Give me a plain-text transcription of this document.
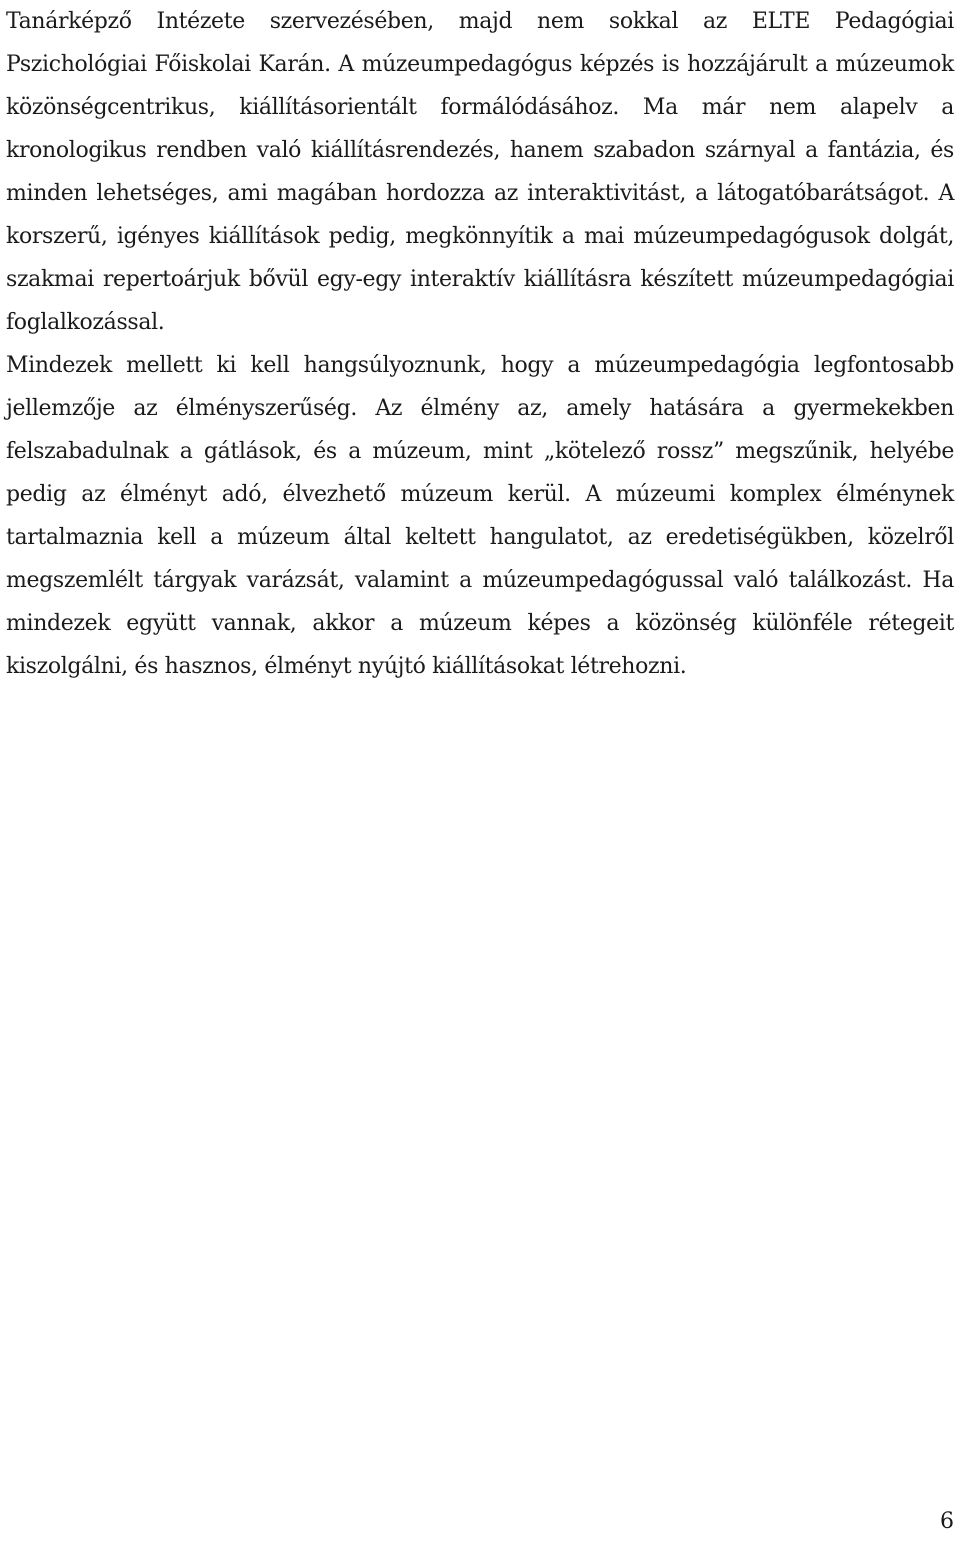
Tanárképző Intézete szervezésében, majd nem sokkal az ELTE Pedagógiai Pszichológiai Főiskolai Karán. A múzeumpedagógus képzés is hozzájárult a múzeumok közönségcentrikus, kiállításorientált formálódásához. Ma már nem alapelv a kronologikus rendben való kiállításrendezés, hanem szabadon szárnyal a fantázia, és minden lehetséges, ami magában hordozza az interaktivitást, a látogatóbarátságot. A korszerű, igényes kiállítások pedig, megkönnyítik a mai múzeumpedagógusok dolgát, szakmai repertoárjuk bővül egy-egy interaktív kiállításra készített múzeumpedagógiai foglalkozással.

Mindezek mellett ki kell hangsúlyoznunk, hogy a múzeumpedagógia legfontosabb jellemzője az élményszerűség. Az élmény az, amely hatására a gyermekekben felszabadulnak a gátlások, és a múzeum, mint „kötelező rossz” megszűnik, helyébe pedig az élményt adó, élvezhető múzeum kerül. A múzeumi komplex élménynek tartalmaznia kell a múzeum által keltett hangulatot, az eredetiségükben, közelről megszemlélt tárgyak varázsát, valamint a múzeumpedagógussal való találkozást. Ha mindezek együtt vannak, akkor a múzeum képes a közönség különféle rétegeit kiszolgálni, és hasznos, élményt nyújtó kiállításokat létrehozni.

6
